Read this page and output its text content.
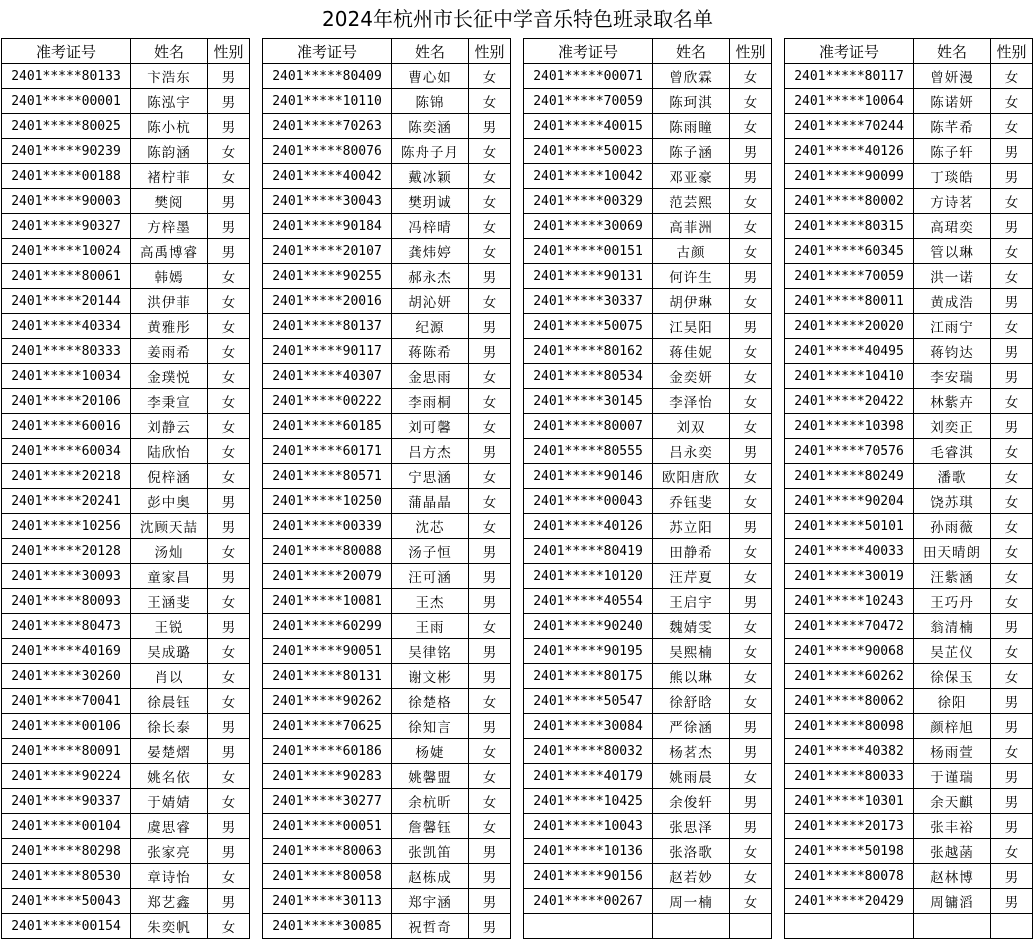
2024年杭州市长征中学音乐特色班录取名单
准考证号	姓名	性别
2401*****80133	卞浩东	男
2401*****00001	陈泓宇	男
2401*****80025	陈小杭	男
2401*****90239	陈韵涵	女
2401*****00188	褚柠菲	女
2401*****90003	樊阅	男
2401*****90327	方梓墨	男
2401*****10024	高禹博睿	男
2401*****80061	韩嫣	女
2401*****20144	洪伊菲	女
2401*****40334	黄雅彤	女
2401*****80333	姜雨希	女
2401*****10034	金璞悦	女
2401*****20106	李秉宣	女
2401*****60016	刘静云	女
2401*****60034	陆欣怡	女
2401*****20218	倪梓涵	女
2401*****20241	彭中奥	男
2401*****10256	沈顾天喆	男
2401*****20128	汤灿	女
2401*****30093	童家昌	男
2401*****80093	王涵斐	女
2401*****80473	王锐	男
2401*****40169	吴成璐	女
2401*****30260	肖以	女
2401*****70041	徐晨钰	女
2401*****00106	徐长泰	男
2401*****80091	晏楚熠	男
2401*****90224	姚名依	女
2401*****90337	于婧婧	女
2401*****00104	虞思睿	男
2401*****80298	张家亮	男
2401*****80530	章诗怡	女
2401*****50043	郑艺鑫	男
2401*****00154	朱奕帆	女
准考证号	姓名	性别
2401*****80409	曹心如	女
2401*****10110	陈锦	女
2401*****70263	陈奕涵	男
2401*****80076	陈舟子月	女
2401*****40042	戴冰颖	女
2401*****30043	樊玥诚	女
2401*****90184	冯梓晴	女
2401*****20107	龚炜婷	女
2401*****90255	郝永杰	男
2401*****20016	胡沁妍	女
2401*****80137	纪源	男
2401*****90117	蒋陈希	男
2401*****40307	金思雨	女
2401*****00222	李雨桐	女
2401*****60185	刘可馨	女
2401*****60171	吕方杰	男
2401*****80571	宁思涵	女
2401*****10250	蒲晶晶	女
2401*****00339	沈芯	女
2401*****80088	汤子恒	男
2401*****20079	汪可涵	男
2401*****10081	王杰	男
2401*****60299	王雨	女
2401*****90051	吴律铭	男
2401*****80131	谢文彬	男
2401*****90262	徐楚格	女
2401*****70625	徐知言	男
2401*****60186	杨婕	女
2401*****90283	姚馨盟	女
2401*****30277	余杭昕	女
2401*****00051	詹馨钰	女
2401*****80063	张凯笛	男
2401*****80058	赵栋成	男
2401*****30113	郑宇涵	男
2401*****30085	祝哲奇	男
准考证号	姓名	性别
2401*****00071	曾欣霖	女
2401*****70059	陈珂淇	女
2401*****40015	陈雨瞳	女
2401*****50023	陈子涵	男
2401*****10042	邓亚豪	男
2401*****00329	范芸熙	女
2401*****30069	高菲洲	女
2401*****00151	古颜	女
2401*****90131	何许生	男
2401*****30337	胡伊琳	女
2401*****50075	江昊阳	男
2401*****80162	蒋佳妮	女
2401*****80534	金奕妍	女
2401*****30145	李泽怡	女
2401*****80007	刘双	女
2401*****80555	吕永奕	男
2401*****90146	欧阳唐欣	女
2401*****00043	乔钰斐	女
2401*****40126	苏立阳	男
2401*****80419	田静希	女
2401*****10120	汪芹夏	女
2401*****40554	王启宇	男
2401*****90240	魏婧雯	女
2401*****90195	吴熙楠	女
2401*****80175	熊以琳	女
2401*****50547	徐舒晗	女
2401*****30084	严徐涵	男
2401*****80032	杨茗杰	男
2401*****40179	姚雨晨	女
2401*****10425	余俊轩	男
2401*****10043	张思泽	男
2401*****10136	张洛歌	女
2401*****90156	赵若妙	女
2401*****00267	周一楠	女

准考证号	姓名	性别
2401*****80117	曾妍漫	女
2401*****10064	陈诺妍	女
2401*****70244	陈芊希	女
2401*****40126	陈子轩	男
2401*****90099	丁琰皓	男
2401*****80002	方诗茗	女
2401*****80315	高珺奕	男
2401*****60345	管以琳	女
2401*****70059	洪一诺	女
2401*****80011	黄成浩	男
2401*****20020	江雨宁	女
2401*****40495	蒋钧达	男
2401*****10410	李安瑞	男
2401*****20422	林紫卉	女
2401*****10398	刘奕正	男
2401*****70576	毛睿淇	女
2401*****80249	潘歌	女
2401*****90204	饶苏琪	女
2401*****50101	孙雨薇	女
2401*****40033	田天晴朗	女
2401*****30019	汪紫涵	女
2401*****10243	王巧丹	女
2401*****70472	翁清楠	男
2401*****90068	吴芷仪	女
2401*****60262	徐保玉	女
2401*****80062	徐阳	男
2401*****80098	颜梓旭	男
2401*****40382	杨雨萱	女
2401*****80033	于谨瑞	男
2401*****10301	余天麒	男
2401*****20173	张丰裕	男
2401*****50198	张越菡	女
2401*****80078	赵林博	男
2401*****20429	周镛滔	男
